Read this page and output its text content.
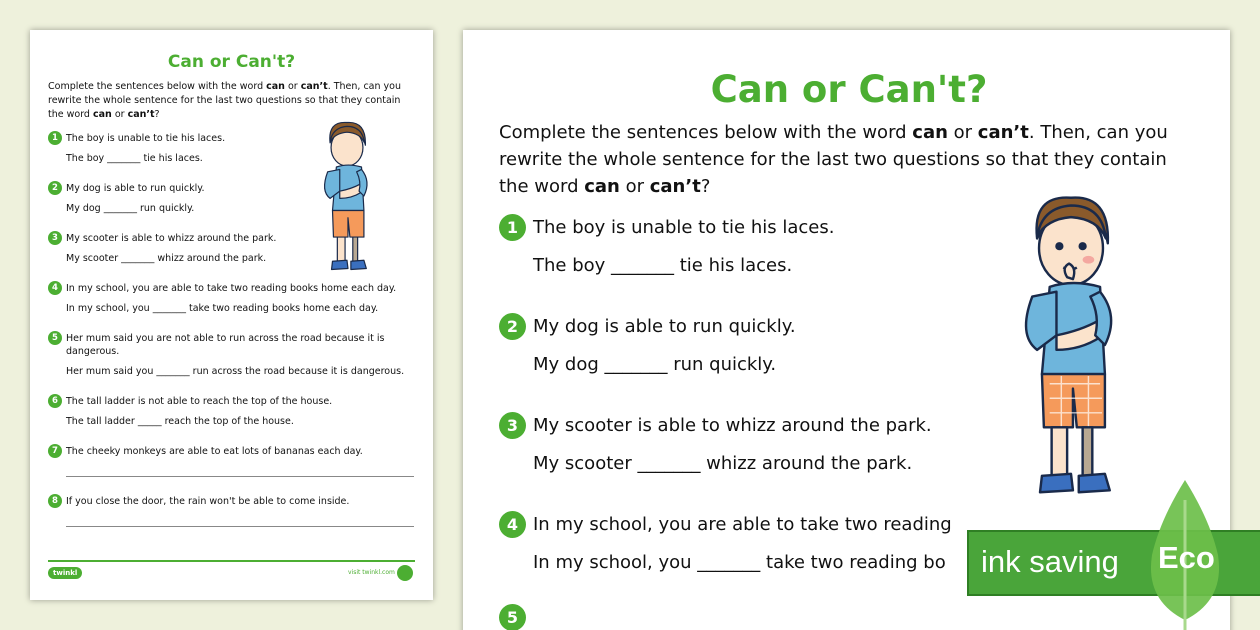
Can or Can't?

Complete the sentences below with the word can or can’t. Then, can you rewrite the whole sentence for the last two questions so that they contain the word can or can’t?

1 The boy is unable to tie his laces.
The boy _______ tie his laces.
2 My dog is able to run quickly.
My dog _______ run quickly.
3 My scooter is able to whizz around the park.
My scooter _______ whizz around the park.
4 In my school, you are able to take two reading books home each day.
In my school, you _______ take two reading books home each day.
5 Her mum said you are not able to run across the road because it is dangerous.
Her mum said you _______ run across the road because it is dangerous.
6 The tall ladder is not able to reach the top of the house.
The tall ladder _____ reach the top of the house.
7 The cheeky monkeys are able to eat lots of bananas each day.
8 If you close the door, the rain won't be able to come inside.
twinkl	visit twinkl.com
Can or Can't?

Complete the sentences below with the word can or can’t. Then, can you rewrite the whole sentence for the last two questions so that they contain the word can or can’t?

1 The boy is unable to tie his laces.
The boy _______ tie his laces.
2 My dog is able to run quickly.
My dog _______ run quickly.
3 My scooter is able to whizz around the park.
My scooter _______ whizz around the park.
4 In my school, you are able to take two reading
In my school, you _______ take two reading bo
5
ink saving Eco
